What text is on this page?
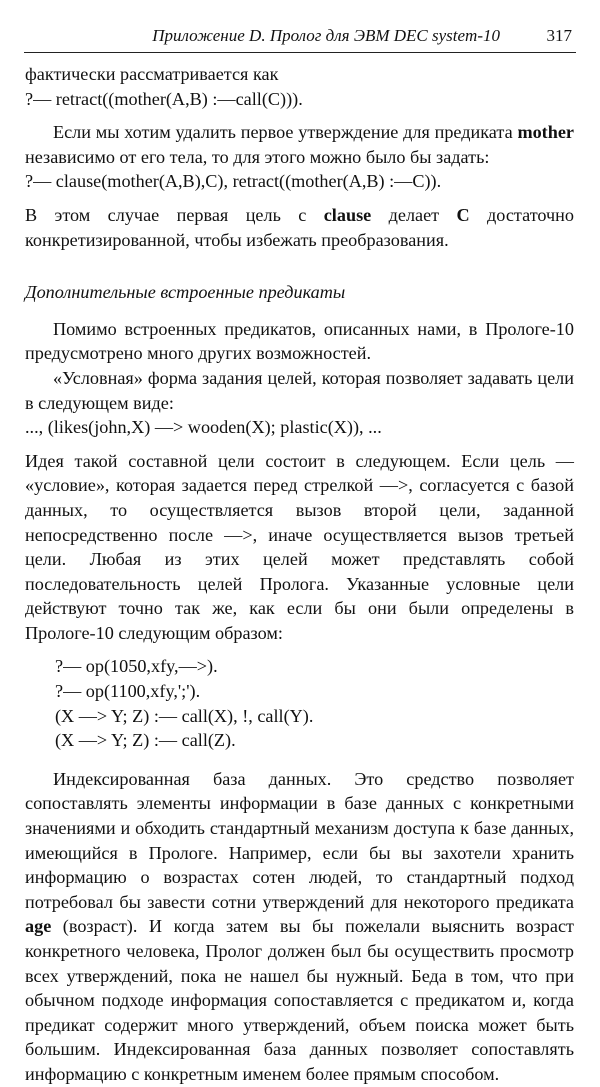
Приложение D. Пролог для ЭВМ DEC system-10	317

фактически рассматривается как

?— retract((mother(A,B) :—call(C))).

Если мы хотим удалить первое утверждение для предиката mother независимо от его тела, то для этого можно было бы задать:

?— clause(mother(A,B),C), retract((mother(A,B) :—C)).

В этом случае первая цель с clause делает C достаточно конкретизированной, чтобы избежать преобразования.

Дополнительные встроенные предикаты

Помимо встроенных предикатов, описанных нами, в Прологе-10 предусмотрено много других возможностей.

«Условная» форма задания целей, которая позволяет задавать цели в следующем виде:

..., (likes(john,X) —> wooden(X); plastic(X)), ...

Идея такой составной цели состоит в следующем. Если цель — «условие», которая задается перед стрелкой —>, согласуется с базой данных, то осуществляется вызов второй цели, заданной непосредственно после —>, иначе осуществляется вызов третьей цели. Любая из этих целей может представлять собой последовательность целей Пролога. Указанные условные цели действуют точно так же, как если бы они были определены в Прологе-10 следующим образом:

?— op(1050,xfy,—>).

?— op(1100,xfy,';').

(X —> Y; Z) :— call(X), !, call(Y).

(X —> Y; Z) :— call(Z).

Индексированная база данных. Это средство позволяет сопоставлять элементы информации в базе данных с конкретными значениями и обходить стандартный механизм доступа к базе данных, имеющийся в Прологе. Например, если бы вы захотели хранить информацию о возрастах сотен людей, то стандартный подход потребовал бы завести сотни утверждений для некоторого предиката age (возраст). И когда затем вы бы пожелали выяснить возраст конкретного человека, Пролог должен был бы осуществить просмотр всех утверждений, пока не нашел бы нужный. Беда в том, что при обычном подходе информация сопоставляется с предикатом и, когда предикат содержит много утверждений, объем поиска может быть большим. Индексированная база данных позволяет сопоставлять информацию с конкретным именем более прямым способом.
